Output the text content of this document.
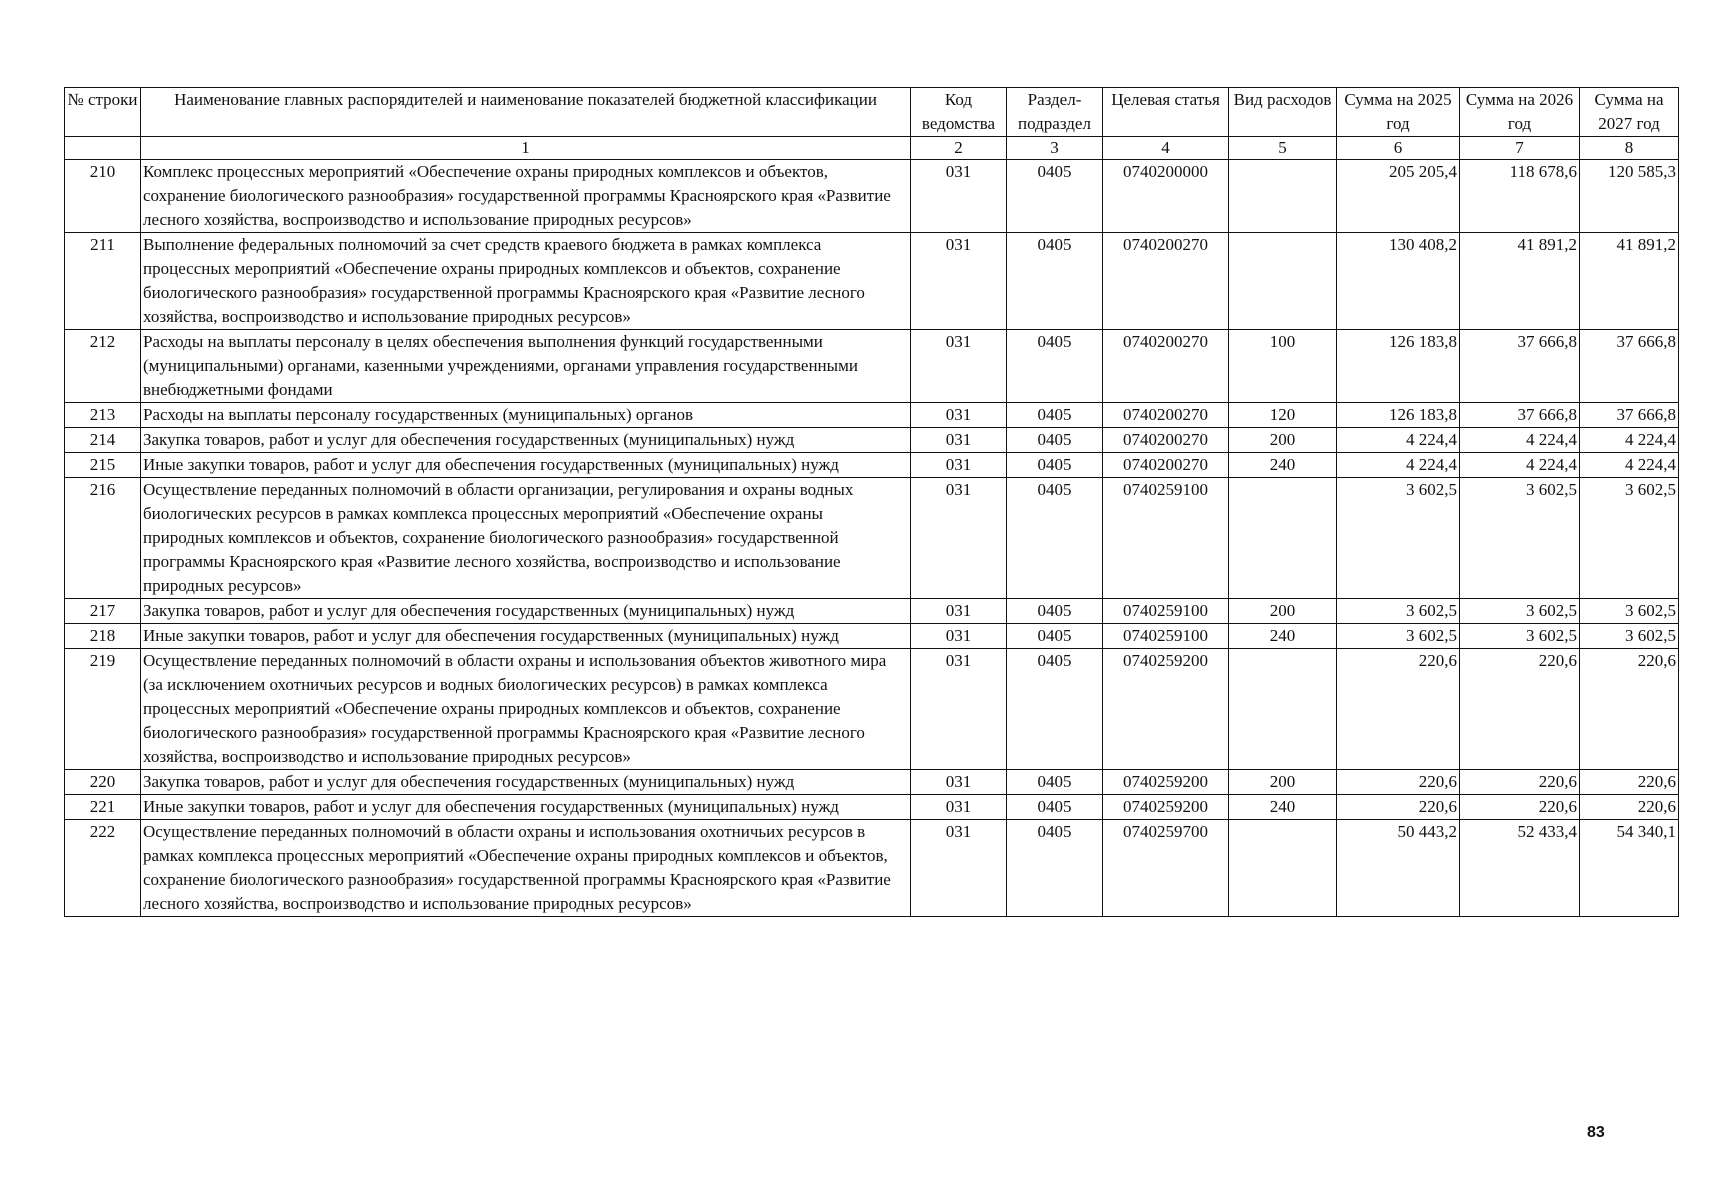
№ строки	Наименование главных распорядителей и наименование показателей бюджетной классификации	Код ведомства	Раздел-подраздел	Целевая статья	Вид расходов	Сумма на 2025 год	Сумма на 2026 год	Сумма на 2027 год
	1	2	3	4	5	6	7	8
210	Комплекс процессных мероприятий «Обеспечение охраны природных комплексов и объектов, сохранение биологического разнообразия» государственной программы Красноярского края «Развитие лесного хозяйства, воспроизводство и использование природных ресурсов»	031	0405	0740200000		205 205,4	118 678,6	120 585,3
211	Выполнение федеральных полномочий за счет средств краевого бюджета в рамках комплекса процессных мероприятий «Обеспечение охраны природных комплексов и объектов, сохранение биологического разнообразия» государственной программы Красноярского края «Развитие лесного хозяйства, воспроизводство и использование природных ресурсов»	031	0405	0740200270		130 408,2	41 891,2	41 891,2
212	Расходы на выплаты персоналу в целях обеспечения выполнения функций государственными (муниципальными) органами, казенными учреждениями, органами управления государственными внебюджетными фондами	031	0405	0740200270	100	126 183,8	37 666,8	37 666,8
213	Расходы на выплаты персоналу государственных (муниципальных) органов	031	0405	0740200270	120	126 183,8	37 666,8	37 666,8
214	Закупка товаров, работ и услуг для обеспечения государственных (муниципальных) нужд	031	0405	0740200270	200	4 224,4	4 224,4	4 224,4
215	Иные закупки товаров, работ и услуг для обеспечения государственных (муниципальных) нужд	031	0405	0740200270	240	4 224,4	4 224,4	4 224,4
216	Осуществление переданных полномочий в области организации, регулирования и охраны водных биологических ресурсов в рамках комплекса процессных мероприятий «Обеспечение охраны природных комплексов и объектов, сохранение биологического разнообразия» государственной программы Красноярского края «Развитие лесного хозяйства, воспроизводство и использование природных ресурсов»	031	0405	0740259100		3 602,5	3 602,5	3 602,5
217	Закупка товаров, работ и услуг для обеспечения государственных (муниципальных) нужд	031	0405	0740259100	200	3 602,5	3 602,5	3 602,5
218	Иные закупки товаров, работ и услуг для обеспечения государственных (муниципальных) нужд	031	0405	0740259100	240	3 602,5	3 602,5	3 602,5
219	Осуществление переданных полномочий в области охраны и использования объектов животного мира (за исключением охотничьих ресурсов и водных биологических ресурсов) в рамках комплекса процессных мероприятий «Обеспечение охраны природных комплексов и объектов, сохранение биологического разнообразия» государственной программы Красноярского края «Развитие лесного хозяйства, воспроизводство и использование природных ресурсов»	031	0405	0740259200		220,6	220,6	220,6
220	Закупка товаров, работ и услуг для обеспечения государственных (муниципальных) нужд	031	0405	0740259200	200	220,6	220,6	220,6
221	Иные закупки товаров, работ и услуг для обеспечения государственных (муниципальных) нужд	031	0405	0740259200	240	220,6	220,6	220,6
222	Осуществление переданных полномочий в области охраны и использования охотничьих ресурсов в рамках комплекса процессных мероприятий «Обеспечение охраны природных комплексов и объектов, сохранение биологического разнообразия» государственной программы Красноярского края «Развитие лесного хозяйства, воспроизводство и использование природных ресурсов»	031	0405	0740259700		50 443,2	52 433,4	54 340,1
83
